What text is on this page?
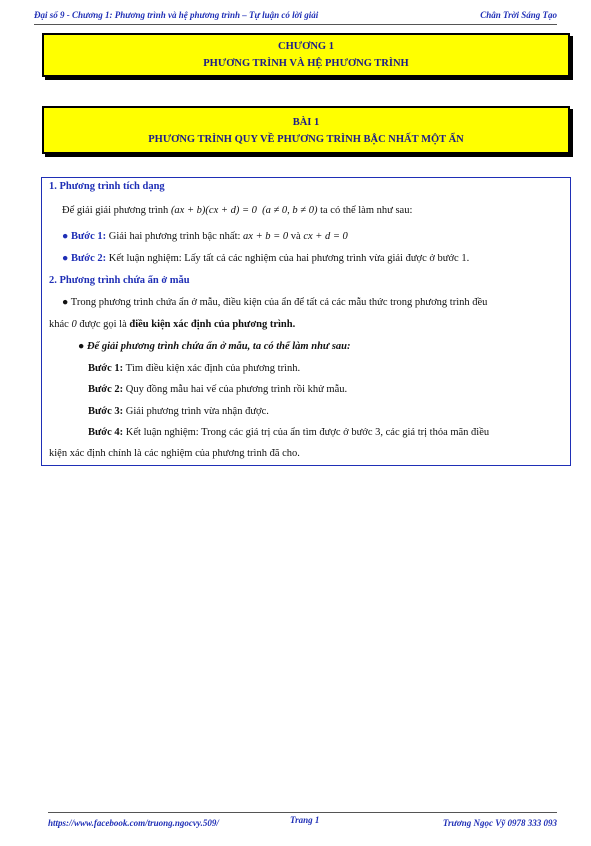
Đại số 9 - Chương 1: Phương trình và hệ phương trình – Tự luận có lời giải	Chân Trời Sáng Tạo
CHƯƠNG 1
PHƯƠNG TRÌNH VÀ HỆ PHƯƠNG TRÌNH
BÀI 1
PHƯƠNG TRÌNH QUY VỀ PHƯƠNG TRÌNH BẬC NHẤT MỘT ẨN
1. Phương trình tích dạng
Để giải giải phương trình (ax + b)(cx + d) = 0 (a ≠ 0, b ≠ 0) ta có thể làm như sau:
● Bước 1: Giải hai phương trình bậc nhất: ax + b = 0 và cx + d = 0
● Bước 2: Kết luận nghiệm: Lấy tất cả các nghiệm của hai phương trình vừa giải được ở bước 1.
2. Phương trình chứa ẩn ở mẫu
● Trong phương trình chứa ẩn ở mẫu, điều kiện của ẩn để tất cả các mẫu thức trong phương trình đều
khác 0 được gọi là điều kiện xác định của phương trình.
● Để giải phương trình chứa ẩn ở mẫu, ta có thể làm như sau:
Bước 1: Tìm điều kiện xác định của phương trình.
Bước 2: Quy đồng mẫu hai vế của phương trình rồi khử mẫu.
Bước 3: Giải phương trình vừa nhận được.
Bước 4: Kết luận nghiệm: Trong các giá trị của ẩn tìm được ở bước 3, các giá trị thỏa mãn điều
kiện xác định chính là các nghiệm của phương trình đã cho.
https://www.facebook.com/truong.ngocvy.509/	Trang 1	Trương Ngọc Vỹ 0978 333 093
